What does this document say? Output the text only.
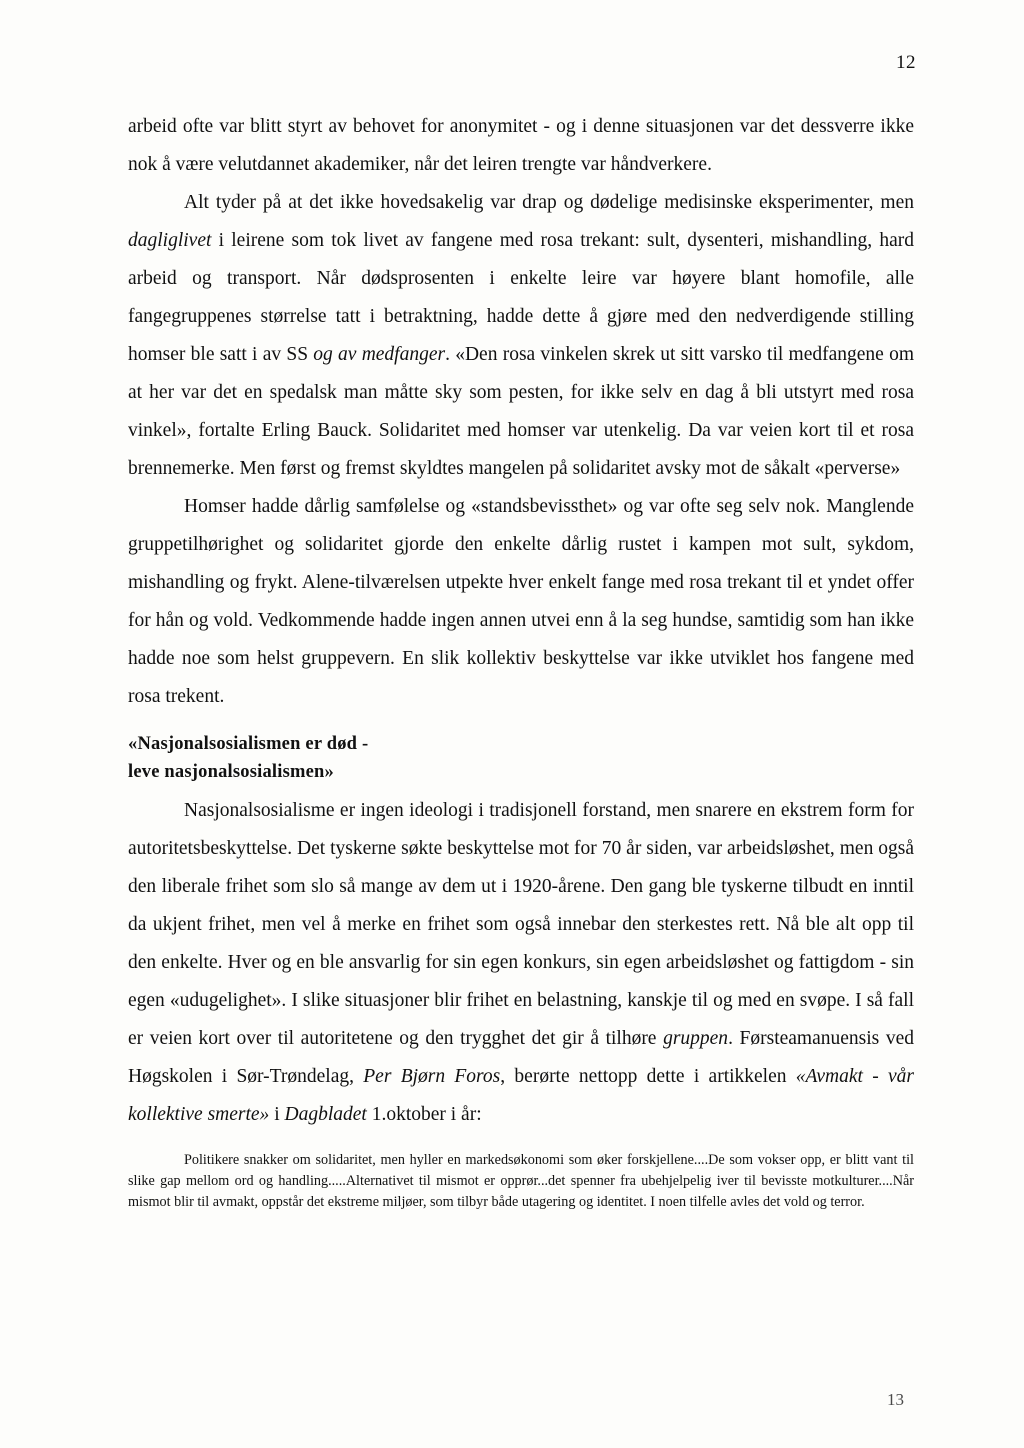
12

arbeid ofte var blitt styrt av behovet for anonymitet - og i denne situasjonen var det dessverre ikke nok å være velutdannet akademiker, når det leiren trengte var håndverkere.

Alt tyder på at det ikke hovedsakelig var drap og dødelige medisinske eksperimenter, men dagliglivet i leirene som tok livet av fangene med rosa trekant: sult, dysenteri, mishandling, hard arbeid og transport. Når dødsprosenten i enkelte leire var høyere blant homofile, alle fangegruppenes størrelse tatt i betraktning, hadde dette å gjøre med den nedverdigende stilling homser ble satt i av SS og av medfanger. «Den rosa vinkelen skrek ut sitt varsko til medfangene om at her var det en spedalsk man måtte sky som pesten, for ikke selv en dag å bli utstyrt med rosa vinkel», fortalte Erling Bauck. Solidaritet med homser var utenkelig. Da var veien kort til et rosa brennemerke. Men først og fremst skyldtes mangelen på solidaritet avsky mot de såkalt «perverse»

Homser hadde dårlig samfølelse og «standsbevissthet» og var ofte seg selv nok. Manglende gruppetilhørighet og solidaritet gjorde den enkelte dårlig rustet i kampen mot sult, sykdom, mishandling og frykt. Alene-tilværelsen utpekte hver enkelt fange med rosa trekant til et yndet offer for hån og vold. Vedkommende hadde ingen annen utvei enn å la seg hundse, samtidig som han ikke hadde noe som helst gruppevern. En slik kollektiv beskyttelse var ikke utviklet hos fangene med rosa trekent.

«Nasjonalsosialismen er død -
leve nasjonalsosialismen»

Nasjonalsosialisme er ingen ideologi i tradisjonell forstand, men snarere en ekstrem form for autoritetsbeskyttelse. Det tyskerne søkte beskyttelse mot for 70 år siden, var arbeidsløshet, men også den liberale frihet som slo så mange av dem ut i 1920-årene. Den gang ble tyskerne tilbudt en inntil da ukjent frihet, men vel å merke en frihet som også innebar den sterkestes rett. Nå ble alt opp til den enkelte. Hver og en ble ansvarlig for sin egen konkurs, sin egen arbeidsløshet og fattigdom - sin egen «udugelighet». I slike situasjoner blir frihet en belastning, kanskje til og med en svøpe. I så fall er veien kort over til autoritetene og den trygghet det gir å tilhøre gruppen. Førsteamanuensis ved Høgskolen i Sør-Trøndelag, Per Bjørn Foros, berørte nettopp dette i artikkelen «Avmakt - vår kollektive smerte» i Dagbladet 1.oktober i år:

Politikere snakker om solidaritet, men hyller en markedsøkonomi som øker forskjellene....De som vokser opp, er blitt vant til slike gap mellom ord og handling.....Alternativet til mismot er opprør...det spenner fra ubehjelpelig iver til bevisste motkulturer....Når mismot blir til avmakt, oppstår det ekstreme miljøer, som tilbyr både utagering og identitet. I noen tilfelle avles det vold og terror.
13
